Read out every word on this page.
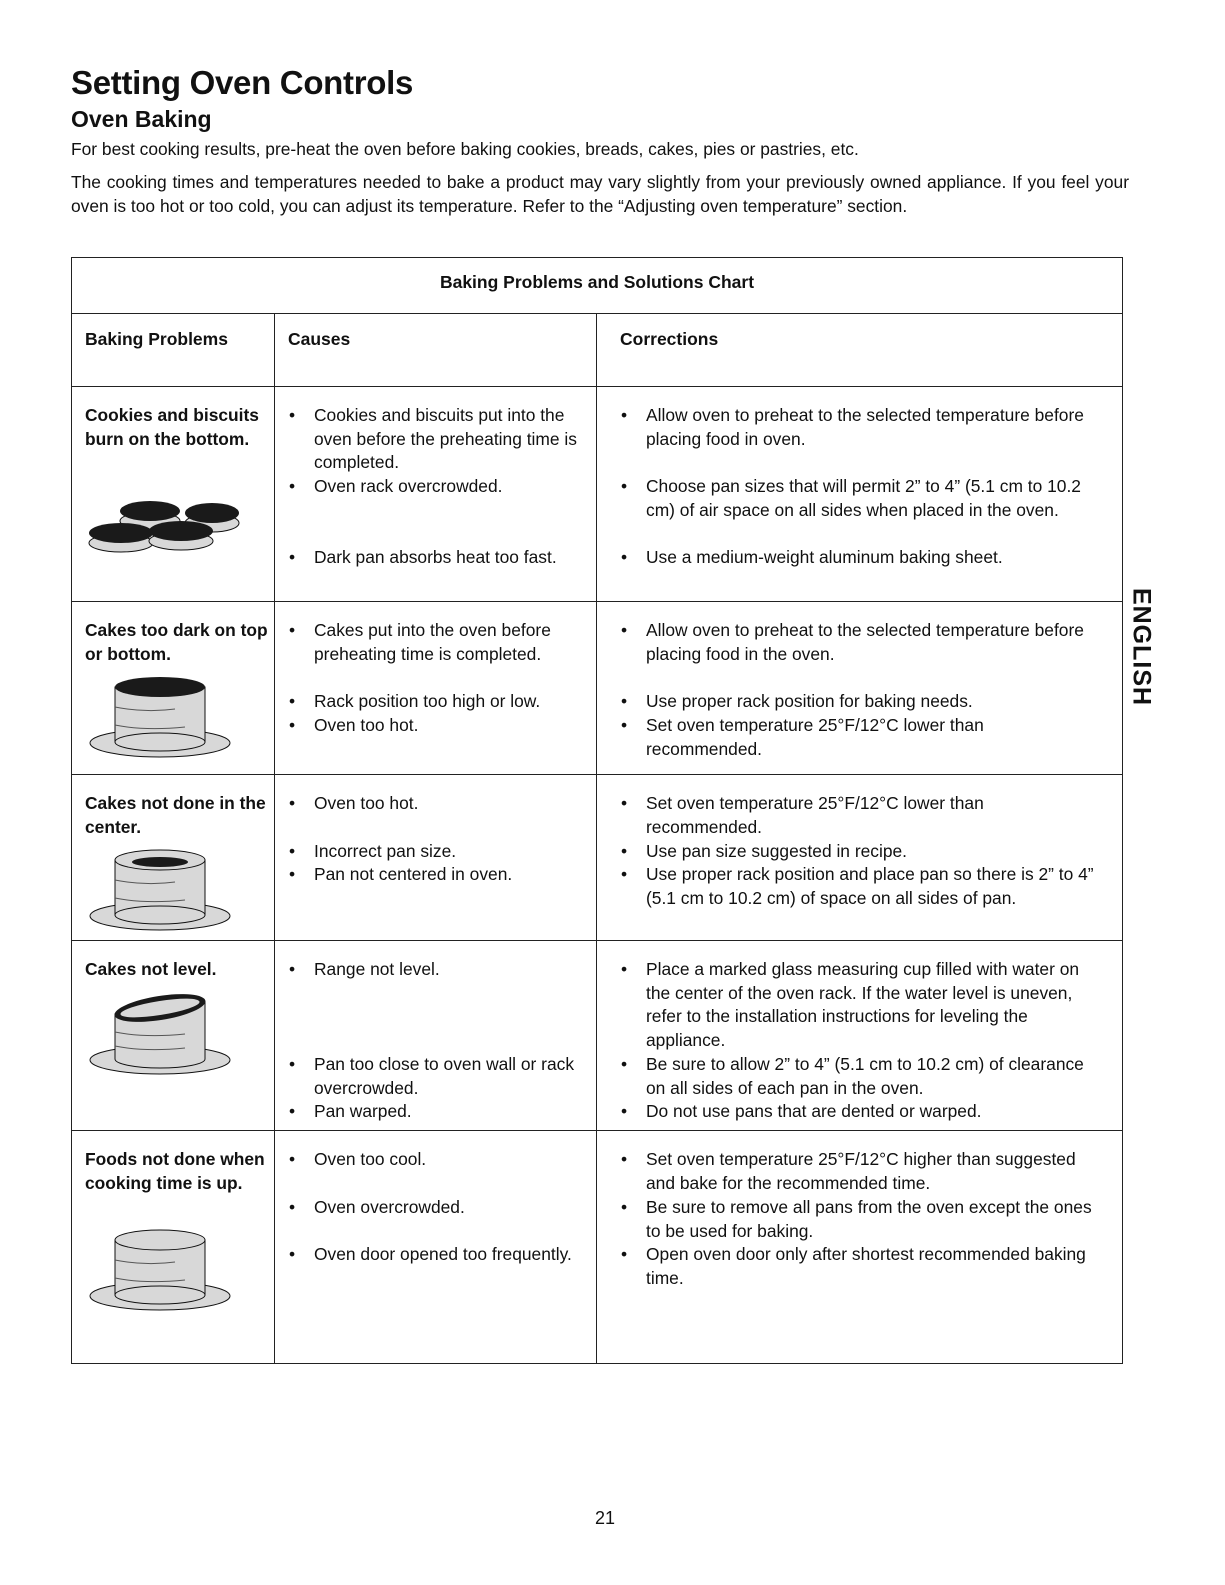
Setting Oven Controls
Oven Baking

For best cooking results, pre-heat the oven before baking cookies, breads, cakes, pies or pastries, etc.

The cooking times and temperatures needed to bake a product may vary slightly from your previously owned appliance. If you feel your oven is too hot or too cold, you can adjust its temperature. Refer to the “Adjusting oven temperature” section.

Baking Problems and Solutions Chart
Baking Problems	Causes	Corrections
Cookies and biscuits burn on the bottom.
• Cookies and biscuits put into the oven before the preheating time is completed.
• Oven rack overcrowded.
• Dark pan absorbs heat too fast.
• Allow oven to preheat to the selected temperature before placing food in oven.
• Choose pan sizes that will permit 2” to 4” (5.1 cm to 10.2 cm) of air space on all sides when placed in the oven.
• Use a medium-weight aluminum baking sheet.
Cakes too dark on top or bottom.
• Cakes put into the oven before preheating time is completed.
• Rack position too high or low.
• Oven too hot.
• Allow oven to preheat to the selected temperature before placing food in the oven.
• Use proper rack position for baking needs.
• Set oven temperature 25°F/12°C lower than recommended.
Cakes not done in the center.
• Oven too hot.
• Incorrect pan size.
• Pan not centered in oven.
• Set oven temperature 25°F/12°C lower than recommended.
• Use pan size suggested in recipe.
• Use proper rack position and place pan so there is 2” to 4” (5.1 cm to 10.2 cm) of space on all sides of pan.
Cakes not level.
•	Range not level.
• Pan too close to oven wall or rack overcrowded.
• Pan warped.
• Place a marked glass measuring cup filled with water on the center of the oven rack. If the water level is uneven, refer to the installation instructions for leveling the appliance.
• Be sure to allow 2” to 4” (5.1 cm to 10.2 cm) of clearance on all sides of each pan in the oven.
• Do not use pans that are dented or warped.
Foods not done when cooking time is up.
• Oven too cool.
• Oven overcrowded.
• Oven door opened too frequently.
• Set oven temperature 25°F/12°C higher than suggested and bake for the recommended time.
• Be sure to remove all pans from the oven except the ones to be used for baking.
• Open oven door only after shortest recommended baking time.
ENGLISH
21
